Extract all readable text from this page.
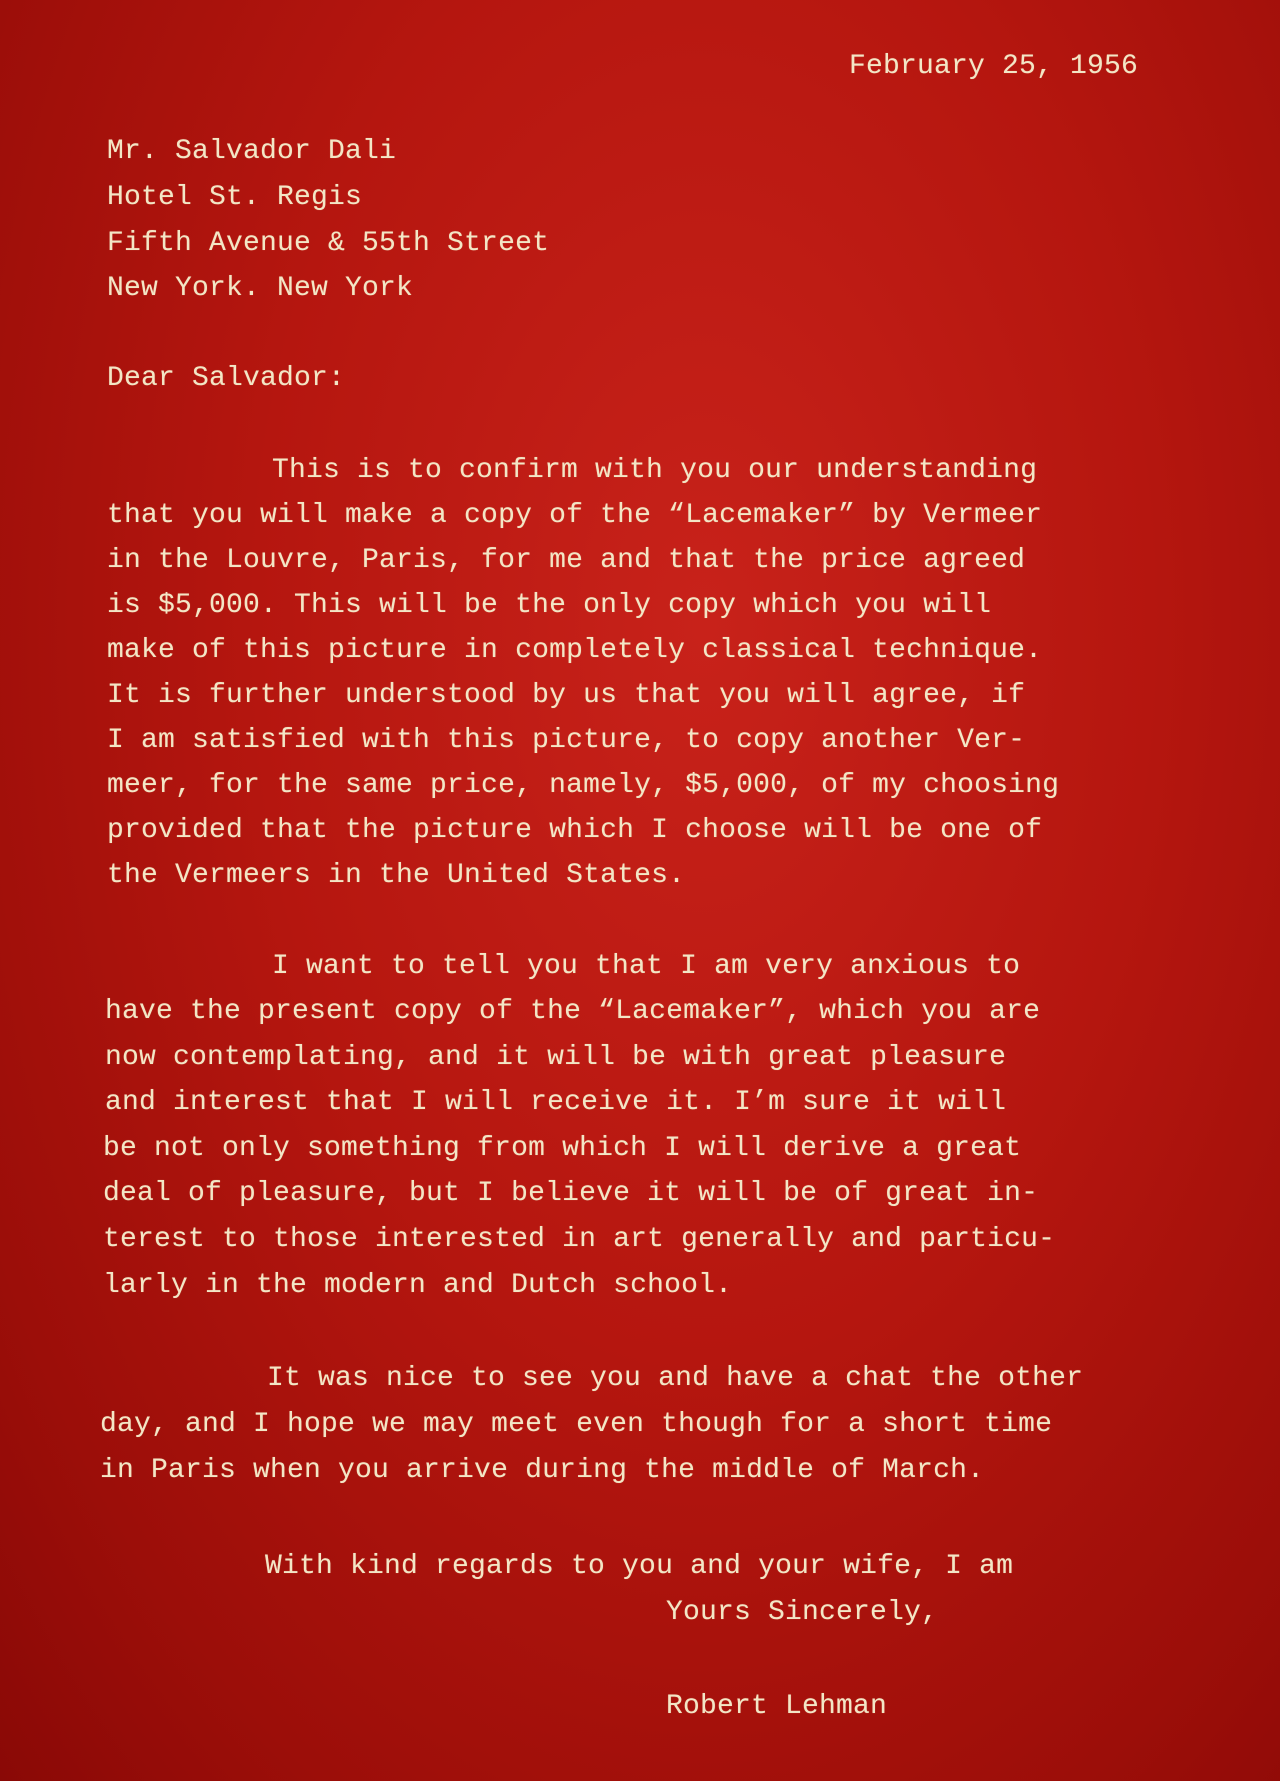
February 25, 1956
Mr. Salvador Dali
Hotel St. Regis
Fifth Avenue & 55th Street
New York. New York
Dear Salvador:
This is to confirm with you our understanding
that you will make a copy of the “Lacemaker” by Vermeer
in the Louvre, Paris, for me and that the price agreed
is $5,000. This will be the only copy which you will
make of this picture in completely classical technique.
It is further understood by us that you will agree, if
I am satisfied with this picture, to copy another Ver-
meer, for the same price, namely, $5,000, of my choosing
provided that the picture which I choose will be one of
the Vermeers in the United States.
I want to tell you that I am very anxious to
have the present copy of the “Lacemaker”, which you are
now contemplating, and it will be with great pleasure
and interest that I will receive it. I’m sure it will
be not only something from which I will derive a great
deal of pleasure, but I believe it will be of great in-
terest to those interested in art generally and particu-
larly in the modern and Dutch school.
It was nice to see you and have a chat the other
day, and I hope we may meet even though for a short time
in Paris when you arrive during the middle of March.
With kind regards to you and your wife, I am
Yours Sincerely,
Robert Lehman
